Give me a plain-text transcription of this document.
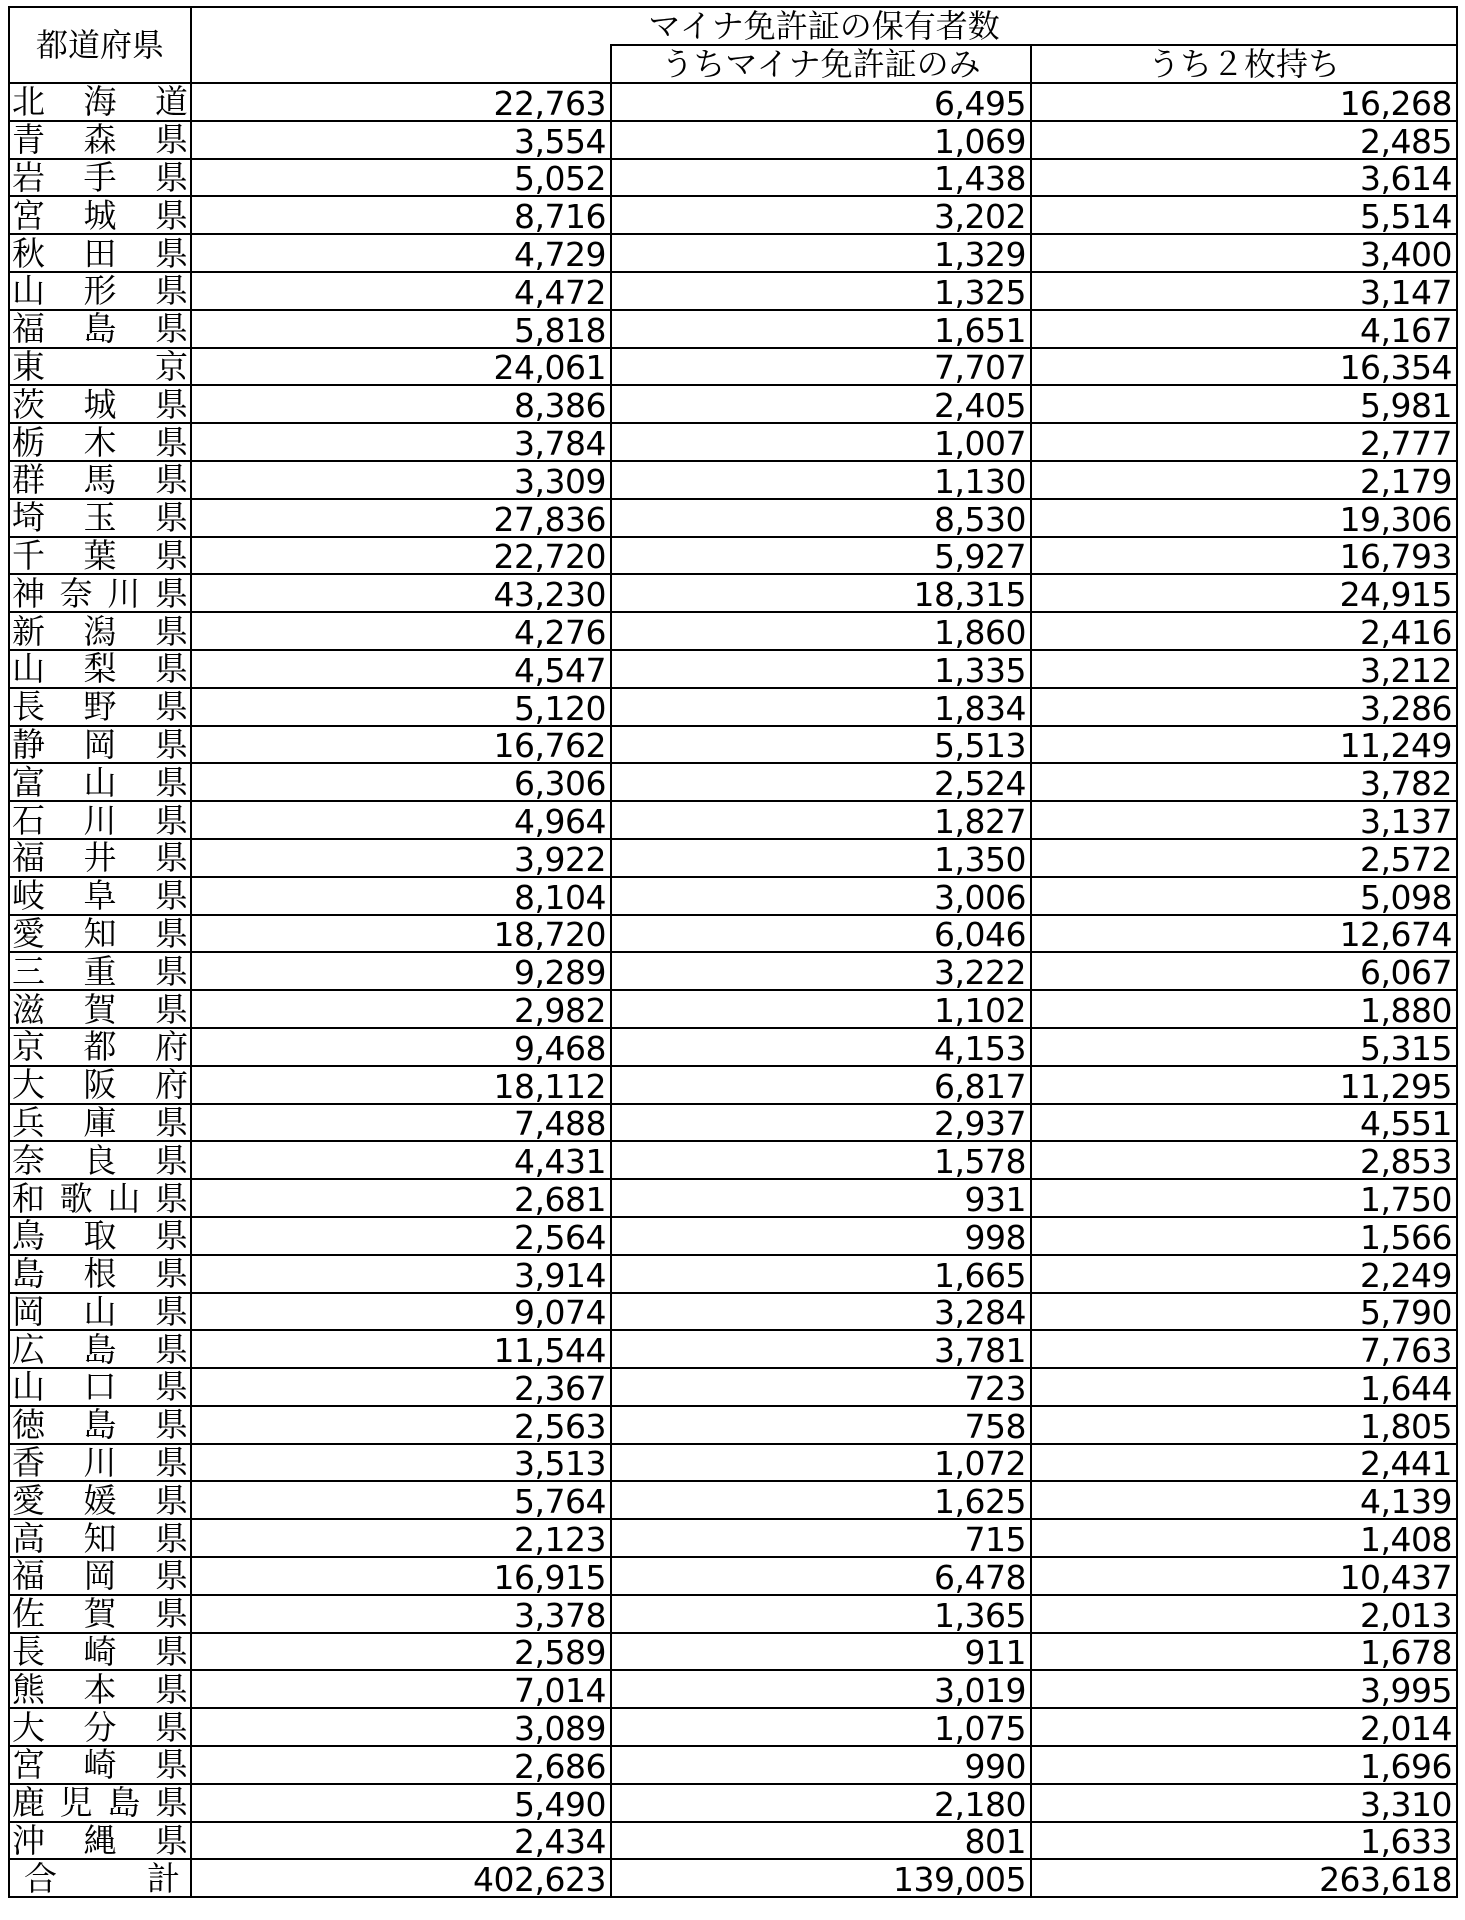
都道府県	マイナ免許証の保有者数		
		うちマイナ免許証のみ	うち２枚持ち

北 海 道	22,763	6,495	16,268

青 森 県	3,554	1,069	2,485

岩 手 県	5,052	1,438	3,614

宮 城 県	8,716	3,202	5,514

秋 田 県	4,729	1,329	3,400

山 形 県	4,472	1,325	3,147

福 島 県	5,818	1,651	4,167

東 京	24,061	7,707	16,354

茨 城 県	8,386	2,405	5,981

栃 木 県	3,784	1,007	2,777

群 馬 県	3,309	1,130	2,179

埼 玉 県	27,836	8,530	19,306

千 葉 県	22,720	5,927	16,793

神 奈 川 県	43,230	18,315	24,915

新 潟 県	4,276	1,860	2,416

山 梨 県	4,547	1,335	3,212

長 野 県	5,120	1,834	3,286

静 岡 県	16,762	5,513	11,249

富 山 県	6,306	2,524	3,782

石 川 県	4,964	1,827	3,137

福 井 県	3,922	1,350	2,572

岐 阜 県	8,104	3,006	5,098

愛 知 県	18,720	6,046	12,674

三 重 県	9,289	3,222	6,067

滋 賀 県	2,982	1,102	1,880

京 都 府	9,468	4,153	5,315

大 阪 府	18,112	6,817	11,295

兵 庫 県	7,488	2,937	4,551

奈 良 県	4,431	1,578	2,853

和 歌 山 県	2,681	931	1,750

鳥 取 県	2,564	998	1,566

島 根 県	3,914	1,665	2,249

岡 山 県	9,074	3,284	5,790

広 島 県	11,544	3,781	7,763

山 口 県	2,367	723	1,644

徳 島 県	2,563	758	1,805

香 川 県	3,513	1,072	2,441

愛 媛 県	5,764	1,625	4,139

高 知 県	2,123	715	1,408

福 岡 県	16,915	6,478	10,437

佐 賀 県	3,378	1,365	2,013

長 崎 県	2,589	911	1,678

熊 本 県	7,014	3,019	3,995

大 分 県	3,089	1,075	2,014

宮 崎 県	2,686	990	1,696

鹿 児 島 県	5,490	2,180	3,310

沖 縄 県	2,434	801	1,633

合 計	402,623	139,005	263,618
